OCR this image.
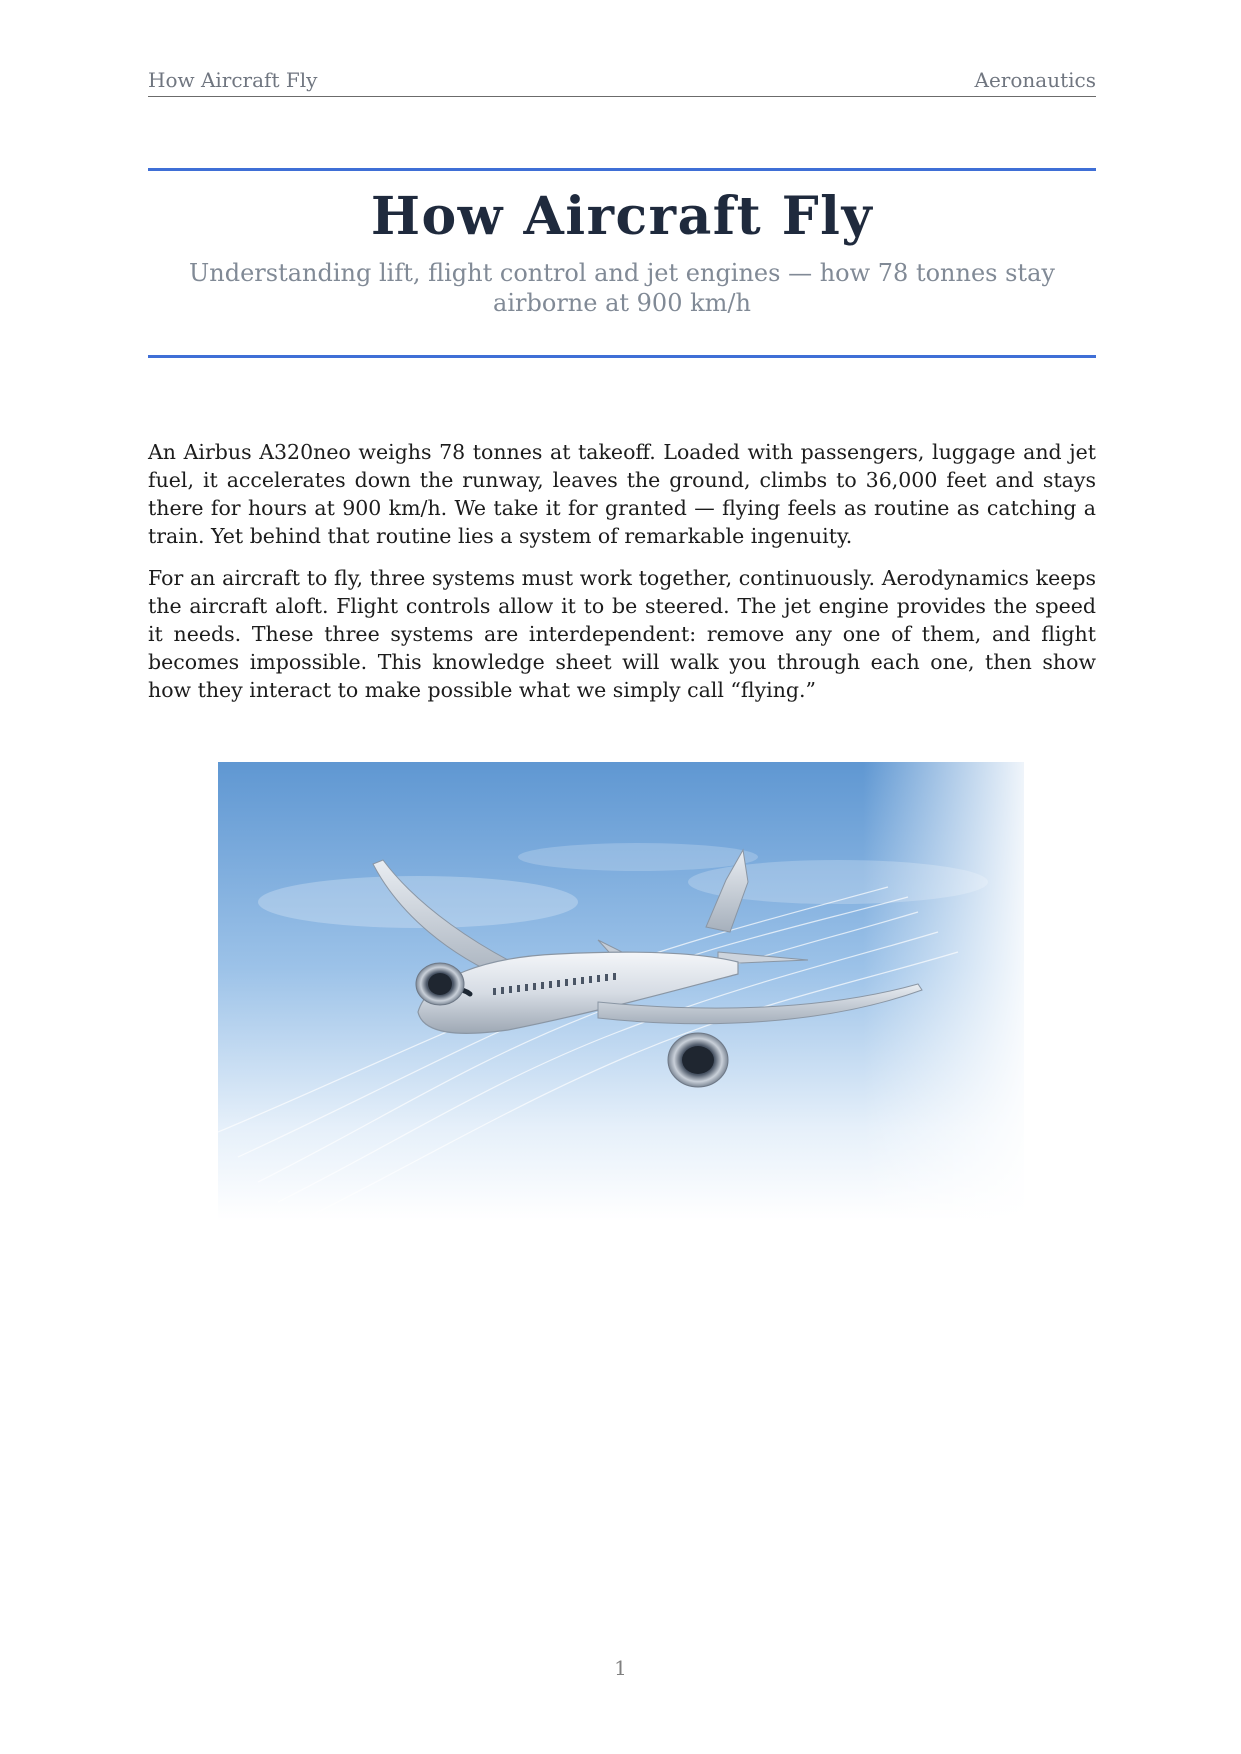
How Aircraft Fly	Aeronautics
How Aircraft Fly
Understanding lift, flight control and jet engines — how 78 tonnes stay airborne at 900 km/h

An Airbus A320neo weighs 78 tonnes at takeoff. Loaded with passengers, luggage and jet fuel, it accelerates down the runway, leaves the ground, climbs to 36,000 feet and stays there for hours at 900 km/h. We take it for granted — flying feels as routine as catching a train. Yet behind that routine lies a system of remarkable ingenuity.

For an aircraft to fly, three systems must work together, continuously. Aerodynamics keeps the aircraft aloft. Flight controls allow it to be steered. The jet engine provides the speed it needs. These three systems are interdependent: remove any one of them, and flight becomes impossible. This knowledge sheet will walk you through each one, then show how they interact to make possible what we simply call “flying.”

1
